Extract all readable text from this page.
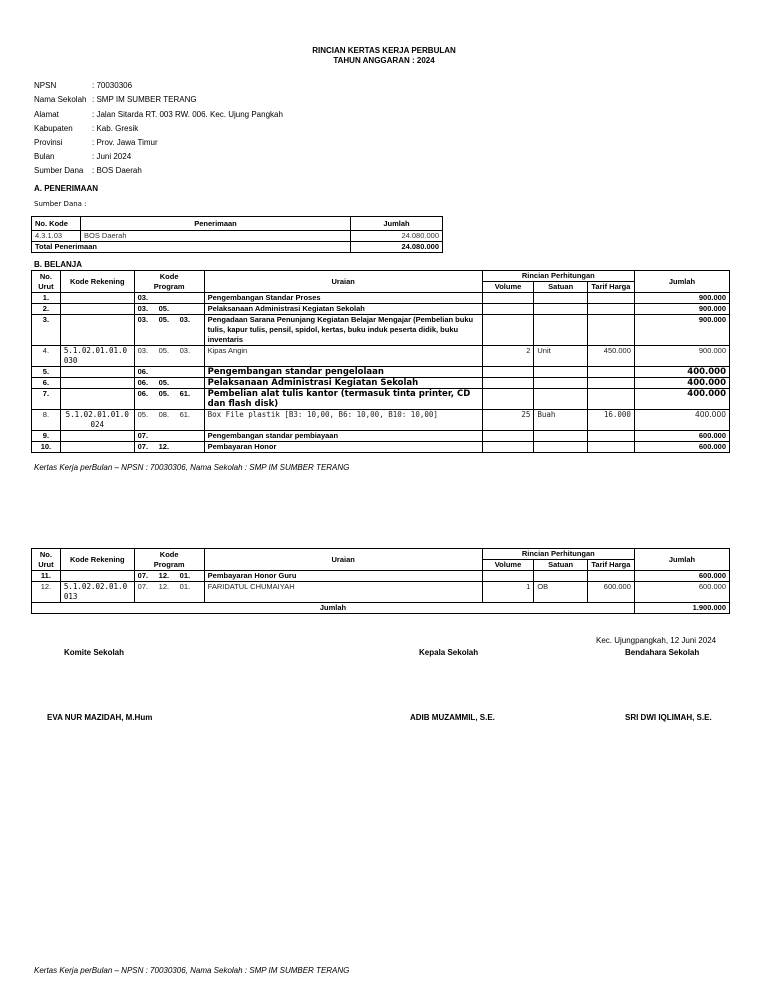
RINCIAN KERTAS KERJA PERBULAN
TAHUN ANGGARAN : 2024
NPSN	: 70030306
Nama Sekolah : SMP IM SUMBER TERANG
Alamat	: Jalan Sitarda RT. 003 RW. 006. Kec. Ujung Pangkah
Kabupaten : Kab. Gresik
Provinsi	: Prov. Jawa Timur
Bulan	: Juni 2024
Sumber Dana : BOS Daerah
A. PENERIMAAN
Sumber Dana :
No. Kode	Penerimaan	Jumlah
4.3.1.03	BOS Daerah	24.080.000
Total Penerimaan		24.080.000
B. BELANJA
No.
Urut	Kode Rekening	Kode
Program	Uraian	Rincian Perhitungan			Jumlah
				Volume	Satuan	Tarif Harga	
1.		03.	Pengembangan Standar Proses				900.000
2.		03. 05.	Pelaksanaan Administrasi Kegiatan Sekolah				900.000
3.		03. 05. 03.	Pengadaan Sarana Penunjang Kegiatan Belajar Mengajar (Pembelian buku tulis, kapur tulis, pensil, spidol, kertas, buku induk peserta didik, buku inventaris				900.000
4.	5.1.02.01.01.0030	03. 05. 03.	Kipas Angin	2	Unit	450.000	900.000
5.		06.	Pengembangan standar pengelolaan				400.000
6.		06. 05.	Pelaksanaan Administrasi Kegiatan Sekolah				400.000
7.		06. 05. 61.	Pembelian alat tulis kantor (termasuk tinta printer, CD dan flash disk)				400.000
8.	5.1.02.01.01.0024	05. 08. 61.	Box File plastik [B3: 10,00, B6: 10,00, B10: 10,00]	25	Buah	16.000	400.000
9.		07.	Pengembangan standar pembiayaan				600.000
10.		07. 12.	Pembayaran Honor				600.000
Kertas Kerja perBulan – NPSN : 70030306, Nama Sekolah : SMP IM SUMBER TERANG
No.
Urut	Kode Rekening	Kode
Program	Uraian	Rincian Perhitungan			Jumlah
				Volume	Satuan	Tarif Harga	
11.		07. 12. 01.	Pembayaran Honor Guru				600.000
12.	5.1.02.02.01.0013	07. 12. 01.	FARIDATUL CHUMAIYAH	1	OB	600.000	600.000
Jumlah							1.900.000
Kec. Ujungpangkah, 12 Juni 2024
Komite Sekolah	Kepala Sekolah	Bendahara Sekolah
EVA NUR MAZIDAH, M.Hum	ADIB MUZAMMIL, S.E.	SRI DWI IQLIMAH, S.E.
Kertas Kerja perBulan – NPSN : 70030306, Nama Sekolah : SMP IM SUMBER TERANG
